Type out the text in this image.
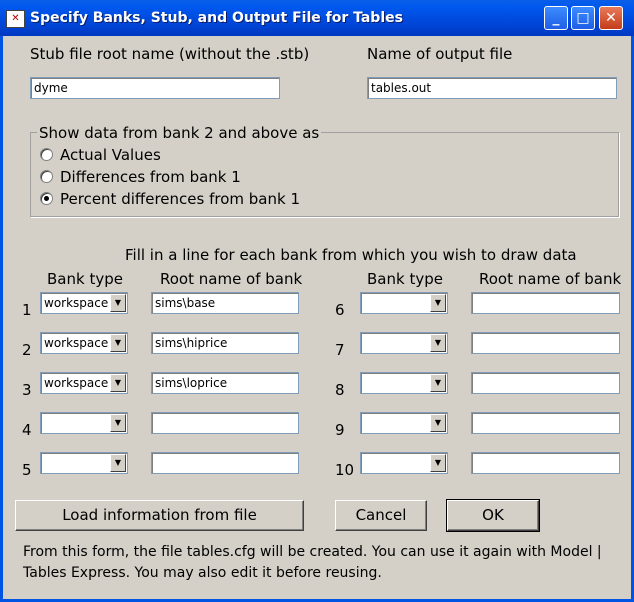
✕ Specify Banks, Stub, and Output File for Tables	_	□	✕
Stub file root name (without the .stb)
dyme
Name of output file
tables.out
Show data from bank 2 and above as
Actual Values
Differences from bank 1
Percent differences from bank 1
Fill in a line for each bank from which you wish to draw data
Bank type Root name of bank	Bank type Root name of bank
Load information from file	Cancel	OK
From this form, the file tables.cfg will be created. You can use it again with Model | Tables Express. You may also edit it before reusing.
1 workspace ▼	sims\base
2 workspace ▼	sims\hiprice
3 workspace ▼	sims\loprice
4	▼
5	▼
6	▼
7	▼
8	▼
9	▼
10	▼
